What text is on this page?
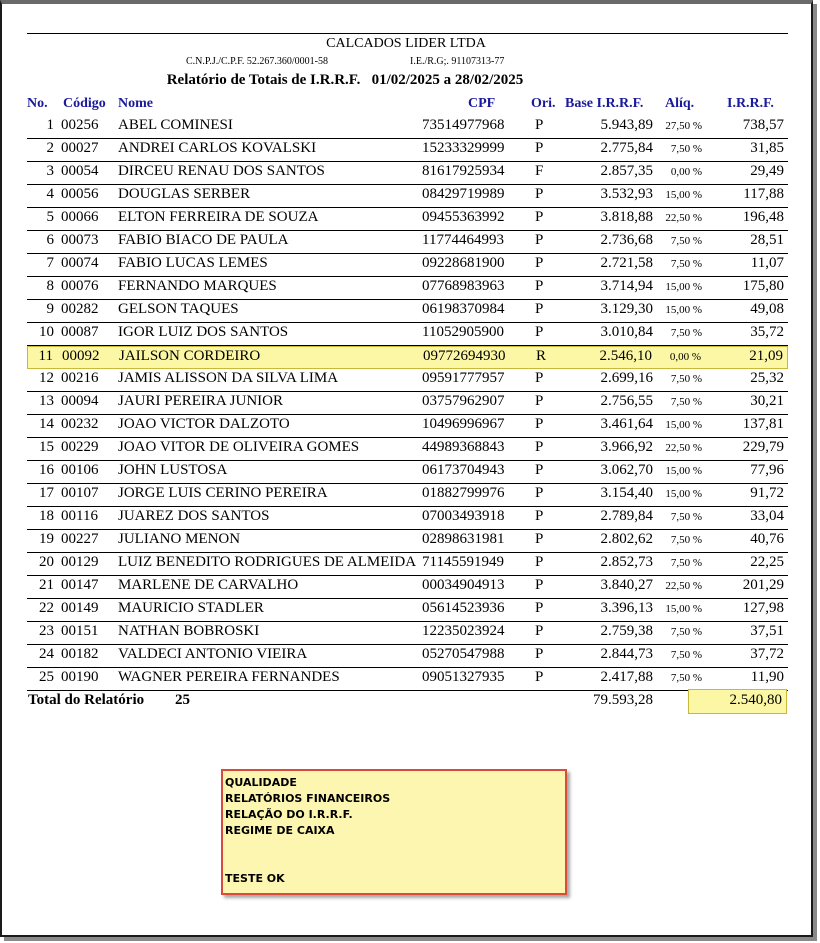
CALCADOS LIDER LTDA
C.N.P.J./C.P.F. 52.267.360/0001-58	I.E./R.G;. 91107313-77
Relatório de Totais de I.R.R.F.   01/02/2025 a 28/02/2025
No. Código Nome	CPF	Ori. Base I.R.R.F. Alíq. I.R.R.F.
1 00256 ABEL COMINESI	73514977968 P	5.943,89 27,50 %	738,57
2 00027 ANDREI CARLOS KOVALSKI	15233329999 P	2.775,84 7,50 %	31,85
3 00054 DIRCEU RENAU DOS SANTOS	81617925934 F	2.857,35 0,00 %	29,49
4 00056 DOUGLAS SERBER	08429719989 P	3.532,93 15,00 %	117,88
5 00066 ELTON FERREIRA DE SOUZA	09455363992 P	3.818,88 22,50 %	196,48
6 00073 FABIO BIACO DE PAULA	11774464993 P	2.736,68 7,50 %	28,51
7 00074 FABIO LUCAS LEMES	09228681900 P	2.721,58 7,50 %	11,07
8 00076 FERNANDO MARQUES	07768983963 P	3.714,94 15,00 %	175,80
9 00282 GELSON TAQUES	06198370984 P	3.129,30 15,00 %	49,08
10 00087 IGOR LUIZ DOS SANTOS	11052905900 P	3.010,84 7,50 %	35,72
11 00092 JAILSON CORDEIRO	09772694930 R	2.546,10 0,00 %	21,09
12 00216 JAMIS ALISSON DA SILVA LIMA	09591777957 P	2.699,16 7,50 %	25,32
13 00094 JAURI PEREIRA JUNIOR	03757962907 P	2.756,55 7,50 %	30,21
14 00232 JOAO VICTOR DALZOTO	10496996967 P	3.461,64 15,00 %	137,81
15 00229 JOAO VITOR DE OLIVEIRA GOMES	44989368843 P	3.966,92 22,50 %	229,79
16 00106 JOHN LUSTOSA	06173704943 P	3.062,70 15,00 %	77,96
17 00107 JORGE LUIS CERINO PEREIRA	01882799976 P	3.154,40 15,00 %	91,72
18 00116 JUAREZ DOS SANTOS	07003493918 P	2.789,84 7,50 %	33,04
19 00227 JULIANO MENON	02898631981 P	2.802,62 7,50 %	40,76
20 00129 LUIZ BENEDITO RODRIGUES DE ALMEIDA 71145591949 P	2.852,73 7,50 %	22,25
21 00147 MARLENE DE CARVALHO	00034904913 P	3.840,27 22,50 %	201,29
22 00149 MAURICIO STADLER	05614523936 P	3.396,13 15,00 %	127,98
23 00151 NATHAN BOBROSKI	12235023924 P	2.759,38 7,50 %	37,51
24 00182 VALDECI ANTONIO VIEIRA	05270547988 P	2.844,73 7,50 %	37,72
25 00190 WAGNER PEREIRA FERNANDES	09051327935 P	2.417,88 7,50 %	11,90
Total do Relatório 25	79.593,28	2.540,80
QUALIDADE
RELATÓRIOS FINANCEIROS
RELAÇÃO DO I.R.R.F.
REGIME DE CAIXA
TESTE OK
